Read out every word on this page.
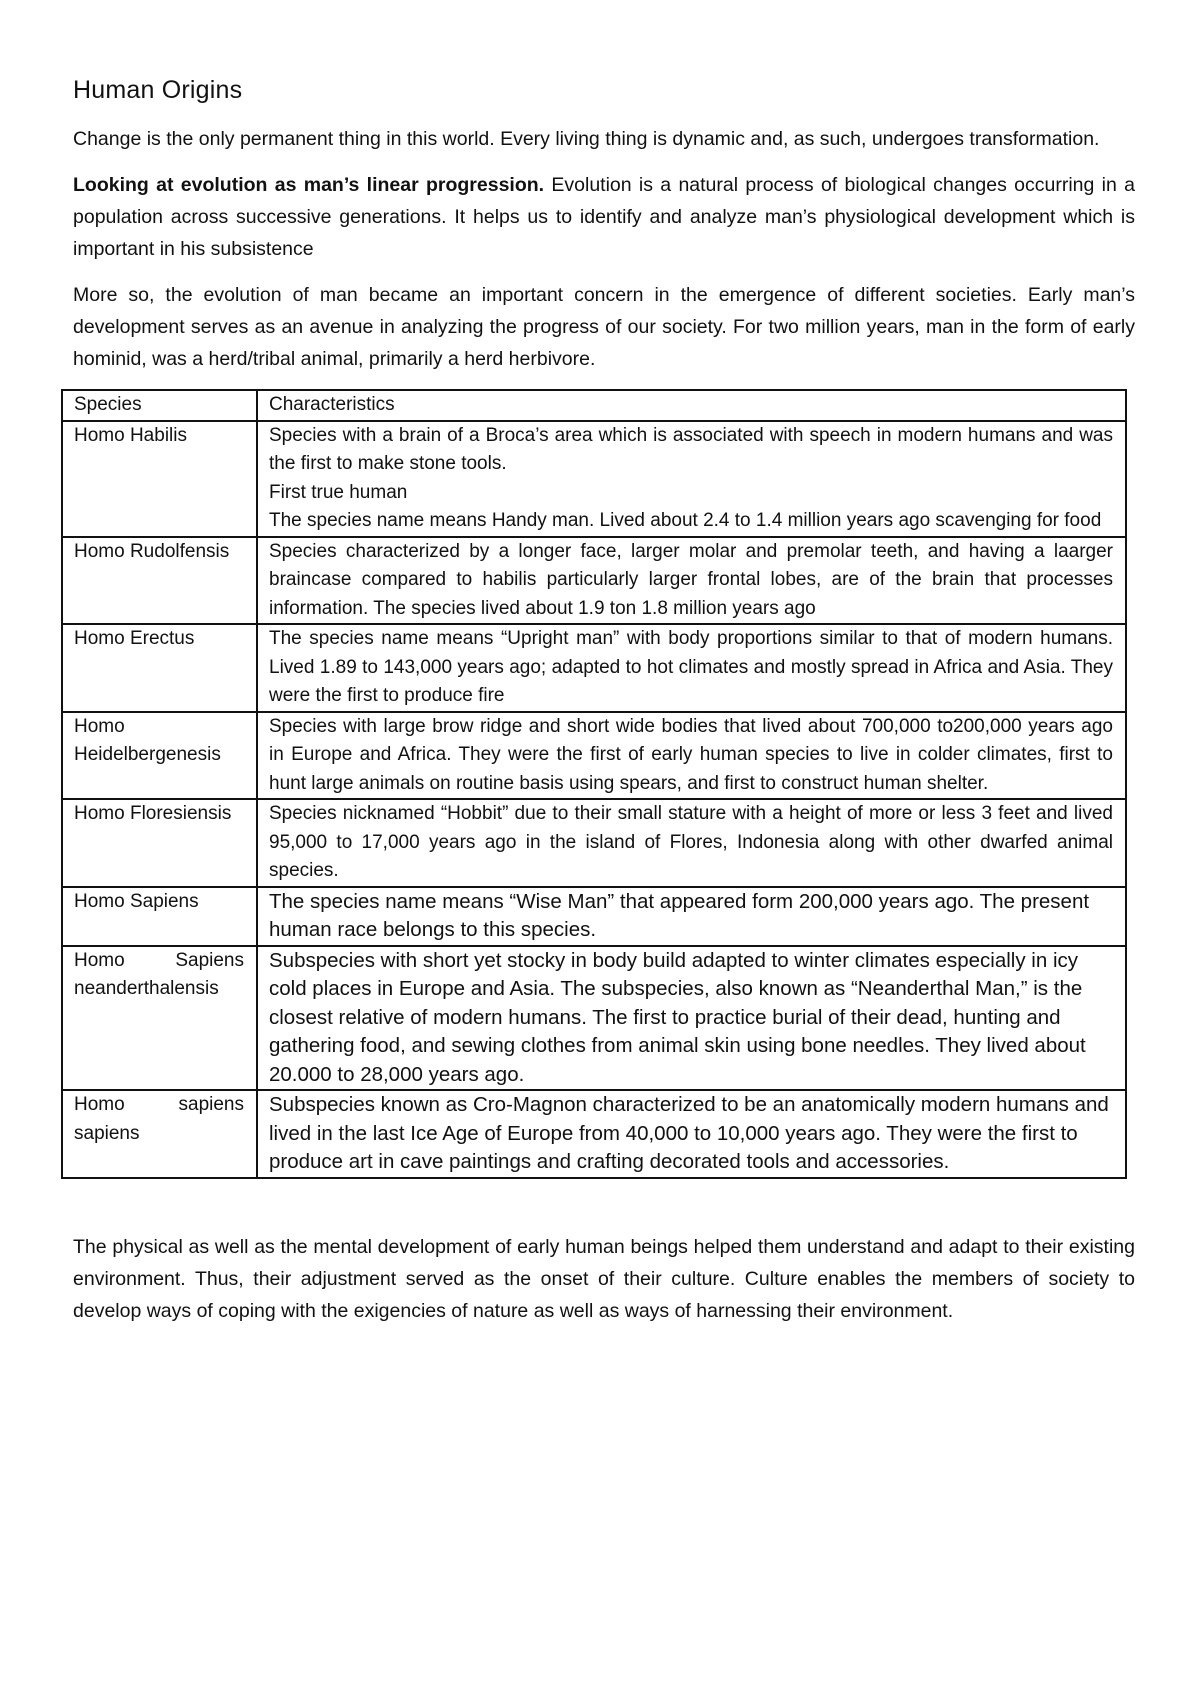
Human Origins

Change is the only permanent thing in this world. Every living thing is dynamic and, as such, undergoes transformation.

Looking at evolution as man’s linear progression. Evolution is a natural process of biological changes occurring in a population across successive generations. It helps us to identify and analyze man’s physiological development which is important in his subsistence

More so, the evolution of man became an important concern in the emergence of different societies. Early man’s development serves as an avenue in analyzing the progress of our society. For two million years, man in the form of early hominid, was a herd/tribal animal, primarily a herd herbivore.

Species	Characteristics
Homo Habilis	Species with a brain of a Broca’s area which is associated with speech in modern humans and was the first to make stone tools.
First true human
The species name means Handy man. Lived about 2.4 to 1.4 million years ago scavenging for food

Homo Rudolfensis	Species characterized by a longer face, larger molar and premolar teeth, and having a laarger braincase compared to habilis particularly larger frontal lobes, are of the brain that processes information. The species lived about 1.9 ton 1.8 million years ago

Homo Erectus	The species name means “Upright man” with body proportions similar to that of modern humans. Lived 1.89 to 143,000 years ago; adapted to hot climates and mostly spread in Africa and Asia. They were the first to produce fire

Homo Heidelbergenesis	Species with large brow ridge and short wide bodies that lived about 700,000 to200,000 years ago in Europe and Africa. They were the first of early human species to live in colder climates, first to hunt large animals on routine basis using spears, and first to construct human shelter.

Homo Floresiensis	Species nicknamed “Hobbit” due to their small stature with a height of more or less 3 feet and lived 95,000 to 17,000 years ago in the island of Flores, Indonesia along with other dwarfed animal species.

Homo Sapiens	The species name means “Wise Man” that appeared form 200,000 years ago. The present human race belongs to this species.

Homo Sapiens neanderthalensis	Subspecies with short yet stocky in body build adapted to winter climates especially in icy cold places in Europe and Asia. The subspecies, also known as “Neanderthal Man,” is the closest relative of modern humans. The first to practice burial of their dead, hunting and gathering food, and sewing clothes from animal skin using bone needles. They lived about 20.000 to 28,000 years ago.

Homo sapiens sapiens	Subspecies known as Cro-Magnon characterized to be an anatomically modern humans and lived in the last Ice Age of Europe from 40,000 to 10,000 years ago. They were the first to produce art in cave paintings and crafting decorated tools and accessories.

The physical as well as the mental development of early human beings helped them understand and adapt to their existing environment. Thus, their adjustment served as the onset of their culture. Culture enables the members of society to develop ways of coping with the exigencies of nature as well as ways of harnessing their environment.
